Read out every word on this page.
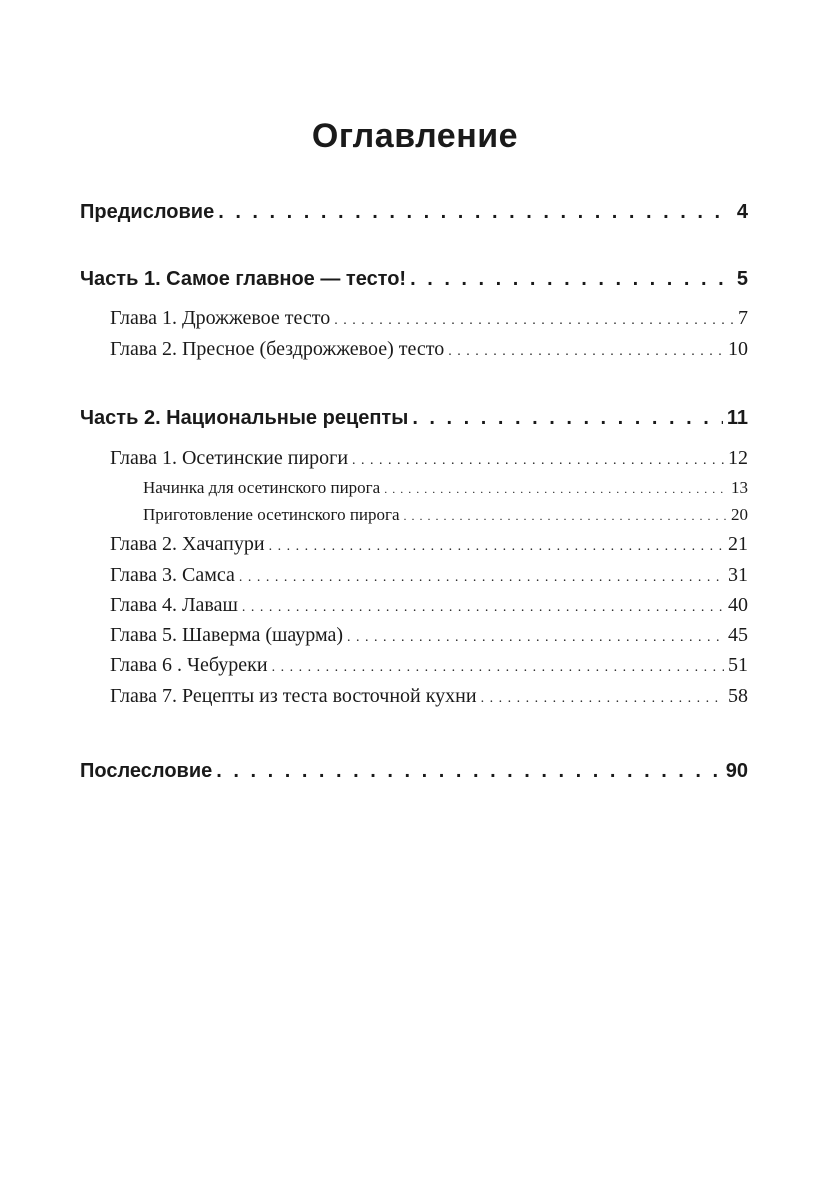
Оглавление
Предисловие . . .	4
Часть 1. Самое главное — тесто! . . .	5
Глава 1. Дрожжевое тесто . . .	7
Глава 2. Пресное (бездрожжевое) тесто . . .	10
Часть 2. Национальные рецепты . . .	11
Глава 1. Осетинские пироги . . .	12
Начинка для осетинского пирога . . .	13
Приготовление осетинского пирога . . .	20
Глава 2. Хачапури . . .	21
Глава 3. Самса . . .	31
Глава 4. Лаваш . . .	40
Глава 5. Шаверма (шаурма) . . .	45
Глава 6 . Чебуреки . . .	51
Глава 7. Рецепты из теста восточной кухни . . .	58
Послесловие . . .	90
